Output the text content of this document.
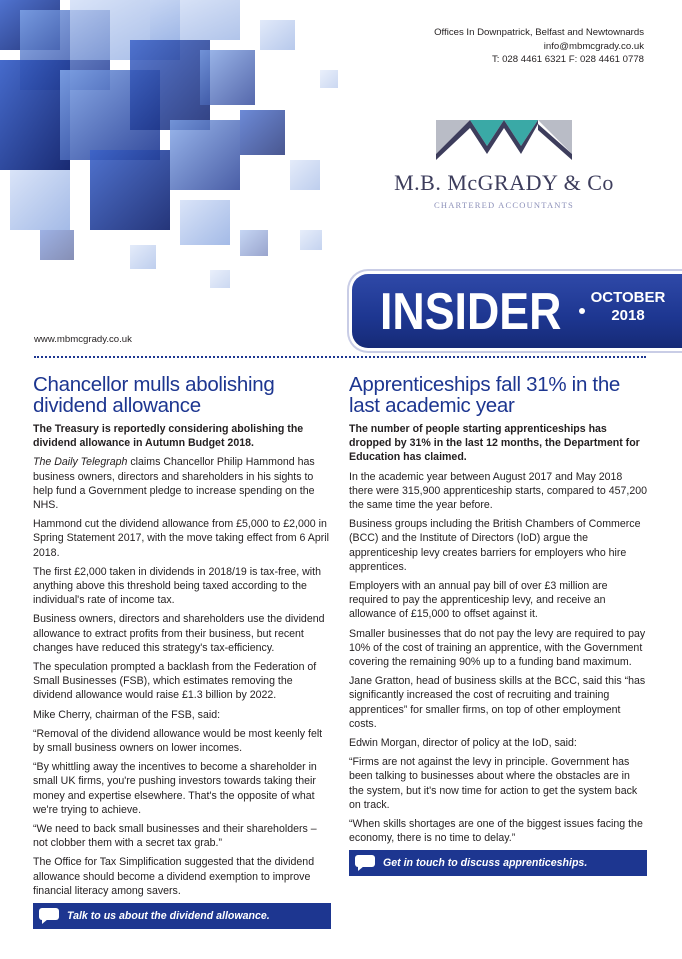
Offices In Downpatrick, Belfast and Newtownards
info@mbmcgrady.co.uk
T: 028 4461 6321 F: 028 4461 0778
M.B. McGRADY & Co
CHARTERED ACCOUNTANTS
INSIDER OCTOBER
2018
www.mbmcgrady.co.uk
Chancellor mulls abolishing dividend allowance

The Treasury is reportedly considering abolishing the dividend allowance in Autumn Budget 2018.

The Daily Telegraph claims Chancellor Philip Hammond has business owners, directors and shareholders in his sights to help fund a Government pledge to increase spending on the NHS.

Hammond cut the dividend allowance from £5,000 to £2,000 in Spring Statement 2017, with the move taking effect from 6 April 2018.

The first £2,000 taken in dividends in 2018/19 is tax-free, with anything above this threshold being taxed according to the individual's rate of income tax.

Business owners, directors and shareholders use the dividend allowance to extract profits from their business, but recent changes have reduced this strategy's tax-efficiency.

The speculation prompted a backlash from the Federation of Small Businesses (FSB), which estimates removing the dividend allowance would raise £1.3 billion by 2022.

Mike Cherry, chairman of the FSB, said:

“Removal of the dividend allowance would be most keenly felt by small business owners on lower incomes.

“By whittling away the incentives to become a shareholder in small UK firms, you're pushing investors towards taking their money and expertise elsewhere. That's the opposite of what we're trying to achieve.

“We need to back small businesses and their shareholders – not clobber them with a secret tax grab.”

The Office for Tax Simplification suggested that the dividend allowance should become a dividend exemption to improve financial literacy among savers.

Talk to us about the dividend allowance.
Apprenticeships fall 31% in the last academic year

The number of people starting apprenticeships has dropped by 31% in the last 12 months, the Department for Education has claimed.

In the academic year between August 2017 and May 2018 there were 315,900 apprenticeship starts, compared to 457,200 the same time the year before.

Business groups including the British Chambers of Commerce (BCC) and the Institute of Directors (IoD) argue the apprenticeship levy creates barriers for employers who hire apprentices.

Employers with an annual pay bill of over £3 million are required to pay the apprenticeship levy, and receive an allowance of £15,000 to offset against it.

Smaller businesses that do not pay the levy are required to pay 10% of the cost of training an apprentice, with the Government covering the remaining 90% up to a funding band maximum.

Jane Gratton, head of business skills at the BCC, said this “has significantly increased the cost of recruiting and training apprentices” for smaller firms, on top of other employment costs.

Edwin Morgan, director of policy at the IoD, said:

“Firms are not against the levy in principle. Government has been talking to businesses about where the obstacles are in the system, but it's now time for action to get the system back on track.

“When skills shortages are one of the biggest issues facing the economy, there is no time to delay.”

Get in touch to discuss apprenticeships.
